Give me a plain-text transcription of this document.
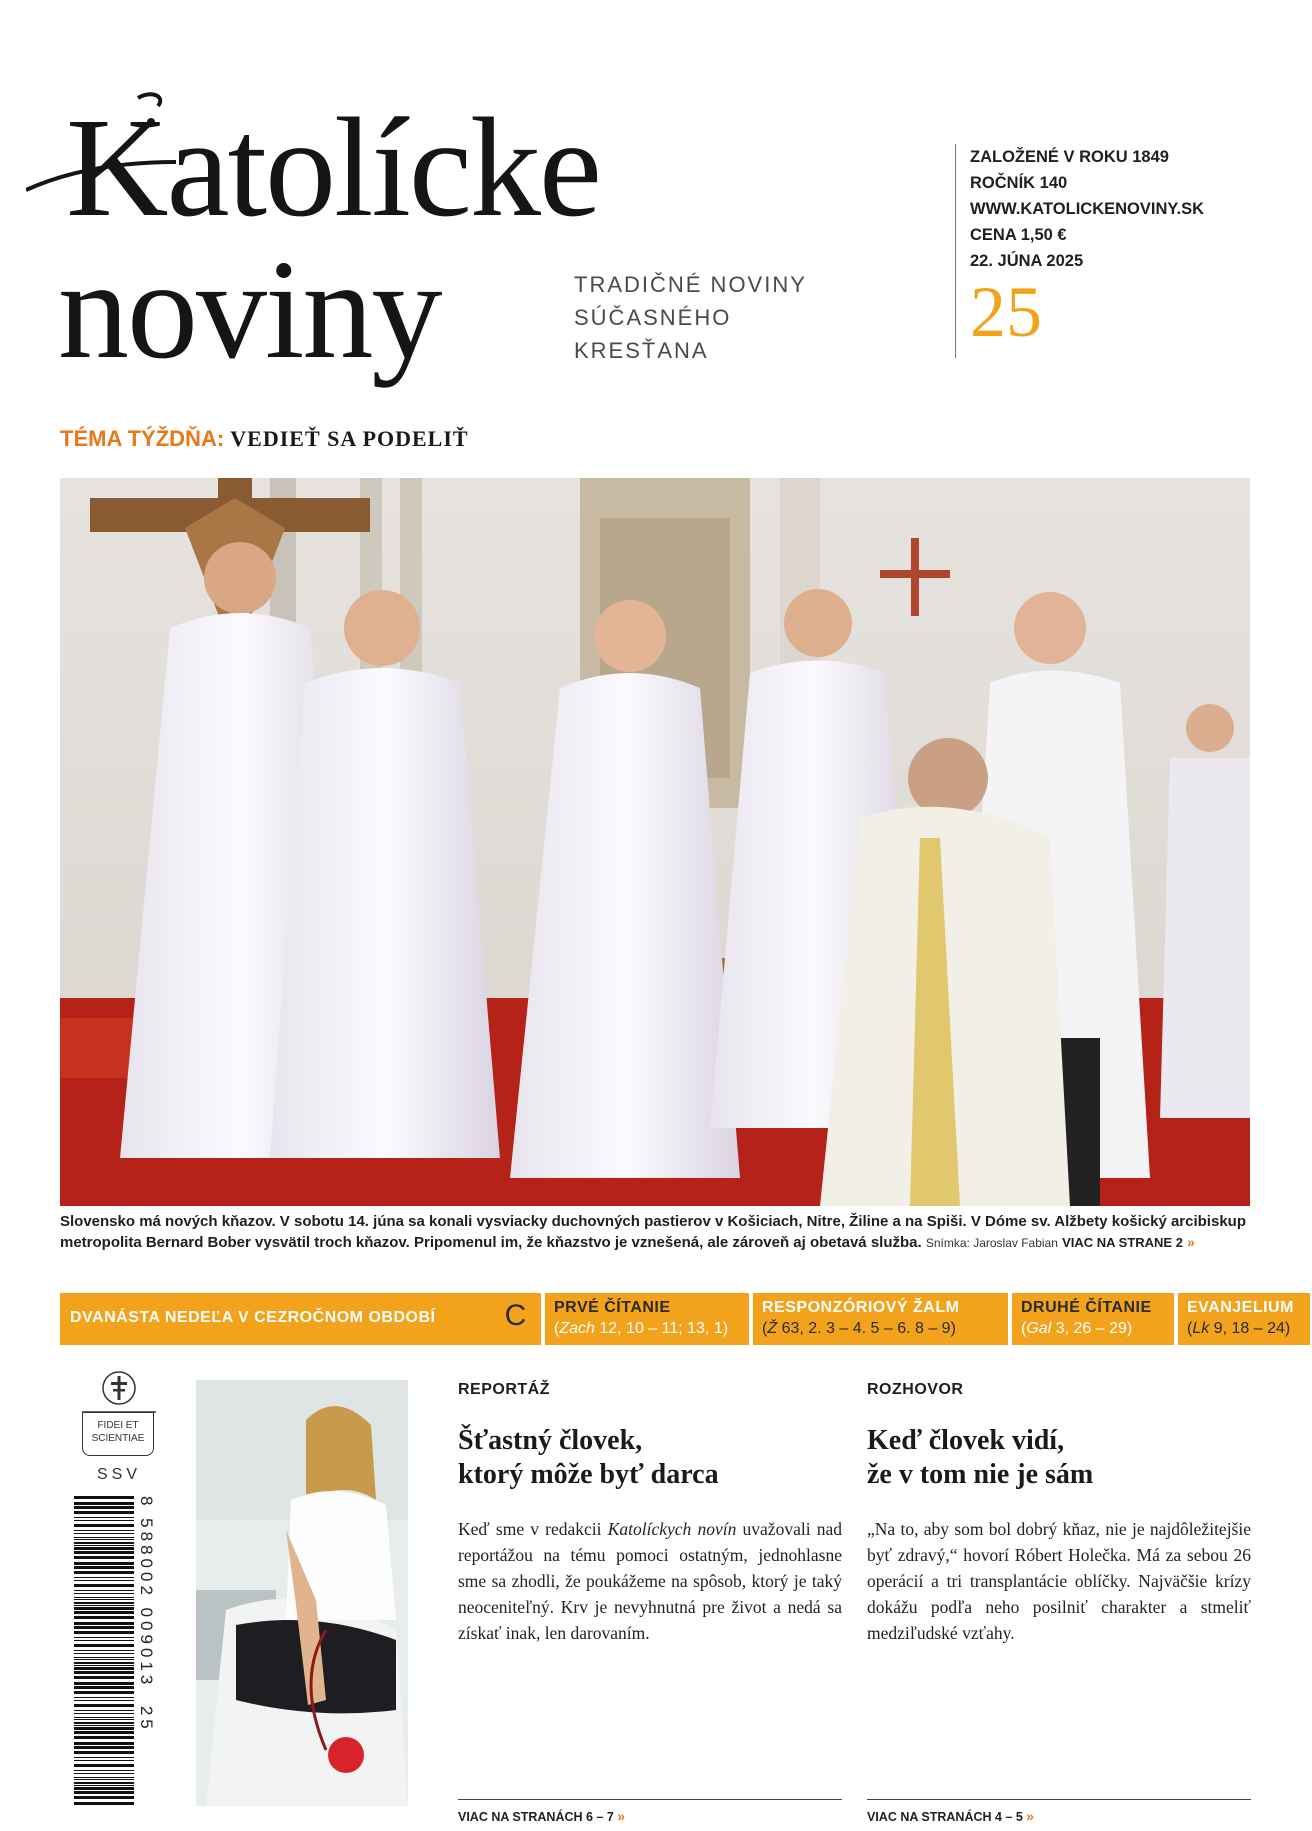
Katolícke
noviny	TRADIČNÉ NOVINY
SÚČASNÉHO
KRESŤANA
ZALOŽENÉ V ROKU 1849
ROČNÍK 140
WWW.KATOLICKENOVINY.SK
CENA 1,50 €
22. JÚNA 2025
25
TÉMA TÝŽDŇA: VEDIEŤ SA PODELIŤ
Slovensko má nových kňazov. V sobotu 14. júna sa konali vysviacky duchovných pastierov v Košiciach, Nitre, Žiline a na Spiši. V Dóme sv. Alžbety košický arcibiskup metropolita Bernard Bober vysvätil troch kňazov. Pripomenul im, že kňazstvo je vznešená, ale zároveň aj obetavá služba. Snímka: Jaroslav Fabian VIAC NA STRANE 2 »
DVANÁSTA NEDEĽA V CEZROČNOM OBDOBÍ	C	PRVÉ ČÍTANIE
(Zach 12, 10 – 11; 13, 1)
RESPONZÓRIOVÝ ŽALM
(Ž 63, 2. 3 – 4. 5 – 6. 8 – 9)
DRUHÉ ČÍTANIE
(Gal 3, 26 – 29)
EVANJELIUM
(Lk 9, 18 – 24)
FIDEI ET
SCIENTIAE
SSV
8 588002 009013  25
REPORTÁŽ
Šťastný človek,
ktorý môže byť darca
Keď sme v redakcii Katolíckych novín uvažovali nad reportážou na tému pomoci ostatným, jednohlasne sme sa zhodli, že poukážeme na spôsob, ktorý je taký neoceniteľný. Krv je nevyhnutná pre život a nedá sa získať inak, len darovaním.
VIAC NA STRANÁCH 6 – 7 »
ROZHOVOR
Keď človek vidí,
že v tom nie je sám
„Na to, aby som bol dobrý kňaz, nie je najdôležitejšie byť zdravý,“ hovorí Róbert Holečka. Má za sebou 26 operácií a tri transplantácie oblíčky. Najväčšie krízy dokážu podľa neho posilniť charakter a stmeliť medziľudské vzťahy.
VIAC NA STRANÁCH 4 – 5 »
